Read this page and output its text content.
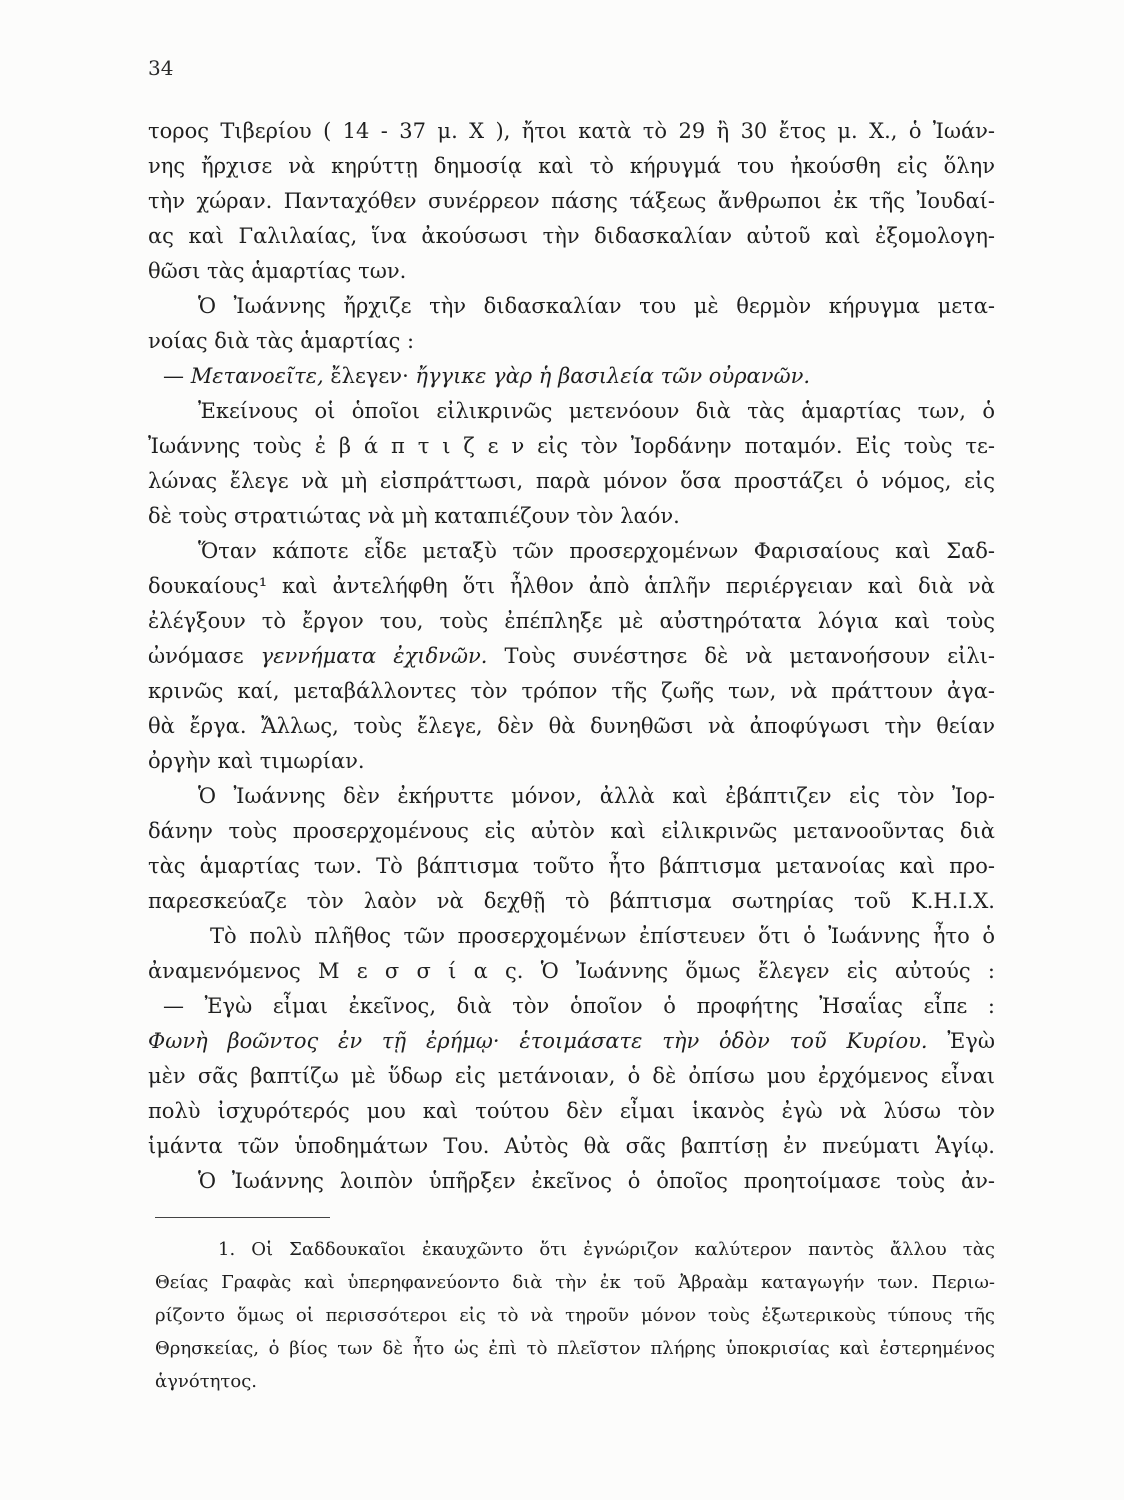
34
τορος Τιβερίου ( 14 - 37 μ. Χ ), ἤτοι κατὰ τὸ 29 ἢ 30 ἔτος μ. Χ., ὁ Ἰωάν-
νης ἤρχισε νὰ κηρύττῃ δημοσίᾳ καὶ τὸ κήρυγμά του ἠκούσθη εἰς ὅλην
τὴν χώραν. Πανταχόθεν συνέρρεον πάσης τάξεως ἄνθρωποι ἐκ τῆς Ἰουδαί-
ας καὶ Γαλιλαίας, ἵνα ἀκούσωσι τὴν διδασκαλίαν αὐτοῦ καὶ ἐξομολογη-
θῶσι τὰς ἁμαρτίας των.
Ὁ Ἰωάννης ἤρχιζε τὴν διδασκαλίαν του μὲ θερμὸν κήρυγμα μετα-
νοίας διὰ τὰς ἁμαρτίας :
— Μετανοεῖτε, ἔλεγεν· ἤγγικε γὰρ ἡ βασιλεία τῶν οὐρανῶν.
Ἐκείνους οἱ ὁποῖοι εἰλικρινῶς μετενόουν διὰ τὰς ἁμαρτίας των, ὁ
Ἰωάννης τοὺς ἐ β ά π τ ι ζ ε ν εἰς τὸν Ἰορδάνην ποταμόν. Εἰς τοὺς τε-
λώνας ἔλεγε νὰ μὴ εἰσπράττωσι, παρὰ μόνον ὅσα προστάζει ὁ νόμος, εἰς
δὲ τοὺς στρατιώτας νὰ μὴ καταπιέζουν τὸν λαόν.
Ὅταν κάποτε εἶδε μεταξὺ τῶν προσερχομένων Φαρισαίους καὶ Σαδ-
δουκαίους¹ καὶ ἀντελήφθη ὅτι ἦλθον ἀπὸ ἁπλῆν περιέργειαν καὶ διὰ νὰ
ἐλέγξουν τὸ ἔργον του, τοὺς ἐπέπληξε μὲ αὐστηρότατα λόγια καὶ τοὺς
ὠνόμασε γεννήματα ἐχιδνῶν. Τοὺς συνέστησε δὲ νὰ μετανοήσουν εἰλι-
κρινῶς καί, μεταβάλλοντες τὸν τρόπον τῆς ζωῆς των, νὰ πράττουν ἀγα-
θὰ ἔργα. Ἄλλως, τοὺς ἔλεγε, δὲν θὰ δυνηθῶσι νὰ ἀποφύγωσι τὴν θείαν
ὀργὴν καὶ τιμωρίαν.
Ὁ Ἰωάννης δὲν ἐκήρυττε μόνον, ἀλλὰ καὶ ἐβάπτιζεν εἰς τὸν Ἰορ-
δάνην τοὺς προσερχομένους εἰς αὐτὸν καὶ εἰλικρινῶς μετανοοῦντας διὰ
τὰς ἁμαρτίας των. Τὸ βάπτισμα τοῦτο ἦτο βάπτισμα μετανοίας καὶ προ-
παρεσκεύαζε τὸν λαὸν νὰ δεχθῇ τὸ βάπτισμα σωτηρίας τοῦ Κ.Η.Ι.Χ.
Τὸ πολὺ πλῆθος τῶν προσερχομένων ἐπίστευεν ὅτι ὁ Ἰωάννης ἦτο ὁ
ἀναμενόμενος Μ ε σ σ ί α ς. Ὁ Ἰωάννης ὅμως ἔλεγεν εἰς αὐτούς :
— Ἐγὼ εἶμαι ἐκεῖνος, διὰ τὸν ὁποῖον ὁ προφήτης Ἠσαΐας εἶπε :
Φωνὴ βοῶντος ἐν τῇ ἐρήμῳ· ἑτοιμάσατε τὴν ὁδὸν τοῦ Κυρίου. Ἐγὼ
μὲν σᾶς βαπτίζω μὲ ὕδωρ εἰς μετάνοιαν, ὁ δὲ ὀπίσω μου ἐρχόμενος εἶναι
πολὺ ἰσχυρότερός μου καὶ τούτου δὲν εἶμαι ἱκανὸς ἐγὼ νὰ λύσω τὸν
ἱμάντα τῶν ὑποδημάτων Του. Αὐτὸς θὰ σᾶς βαπτίσῃ ἐν πνεύματι Ἁγίῳ.
Ὁ Ἰωάννης λοιπὸν ὑπῆρξεν ἐκεῖνος ὁ ὁποῖος προητοίμασε τοὺς ἀν-
1. Οἱ Σαδδουκαῖοι ἐκαυχῶντο ὅτι ἐγνώριζον καλύτερον παντὸς ἄλλου τὰς
Θείας Γραφὰς καὶ ὑπερηφανεύοντο διὰ τὴν ἐκ τοῦ Ἀβραὰμ καταγωγήν των. Περιω-
ρίζοντο ὅμως οἱ περισσότεροι εἰς τὸ νὰ τηροῦν μόνον τοὺς ἐξωτερικοὺς τύπους τῆς
Θρησκείας, ὁ βίος των δὲ ἦτο ὡς ἐπὶ τὸ πλεῖστον πλήρης ὑποκρισίας καὶ ἐστερημένος
ἁγνότητος.
